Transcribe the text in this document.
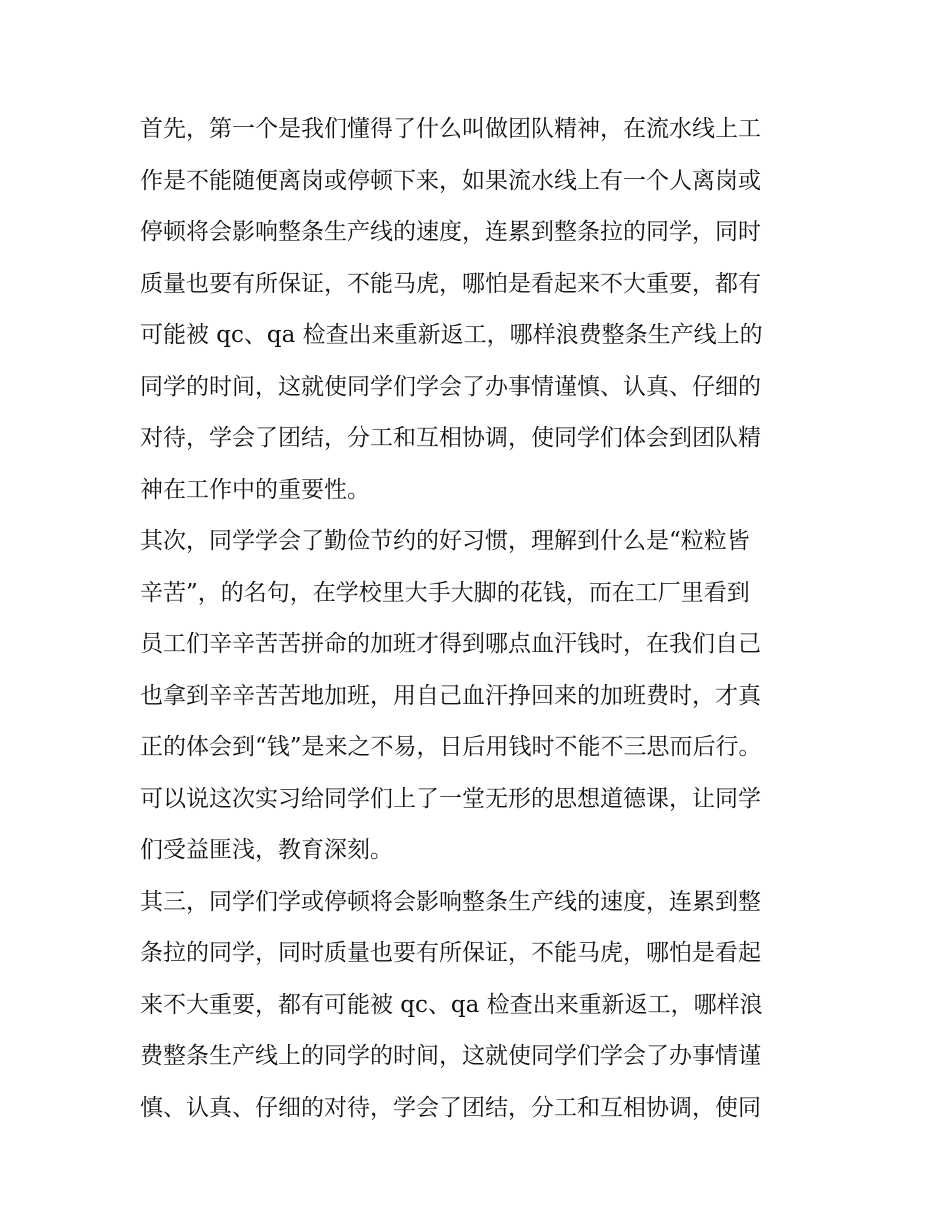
首先，第一个是我们懂得了什么叫做团队精神，在流水线上工
作是不能随便离岗或停顿下来，如果流水线上有一个人离岗或
停顿将会影响整条生产线的速度，连累到整条拉的同学，同时
质量也要有所保证，不能马虎，哪怕是看起来不大重要，都有
可能被 qc、qa 检查出来重新返工，哪样浪费整条生产线上的
同学的时间，这就使同学们学会了办事情谨慎、认真、仔细的
对待，学会了团结，分工和互相协调，使同学们体会到团队精
神在工作中的重要性。
其次，同学学会了勤俭节约的好习惯，理解到什么是“粒粒皆
辛苦”，的名句，在学校里大手大脚的花钱，而在工厂里看到
员工们辛辛苦苦拼命的加班才得到哪点血汗钱时，在我们自己
也拿到辛辛苦苦地加班，用自己血汗挣回来的加班费时，才真
正的体会到“钱”是来之不易，日后用钱时不能不三思而后行。
可以说这次实习给同学们上了一堂无形的思想道德课，让同学
们受益匪浅，教育深刻。
其三，同学们学或停顿将会影响整条生产线的速度，连累到整
条拉的同学，同时质量也要有所保证，不能马虎，哪怕是看起
来不大重要，都有可能被 qc、qa 检查出来重新返工，哪样浪
费整条生产线上的同学的时间，这就使同学们学会了办事情谨
慎、认真、仔细的对待，学会了团结，分工和互相协调，使同
